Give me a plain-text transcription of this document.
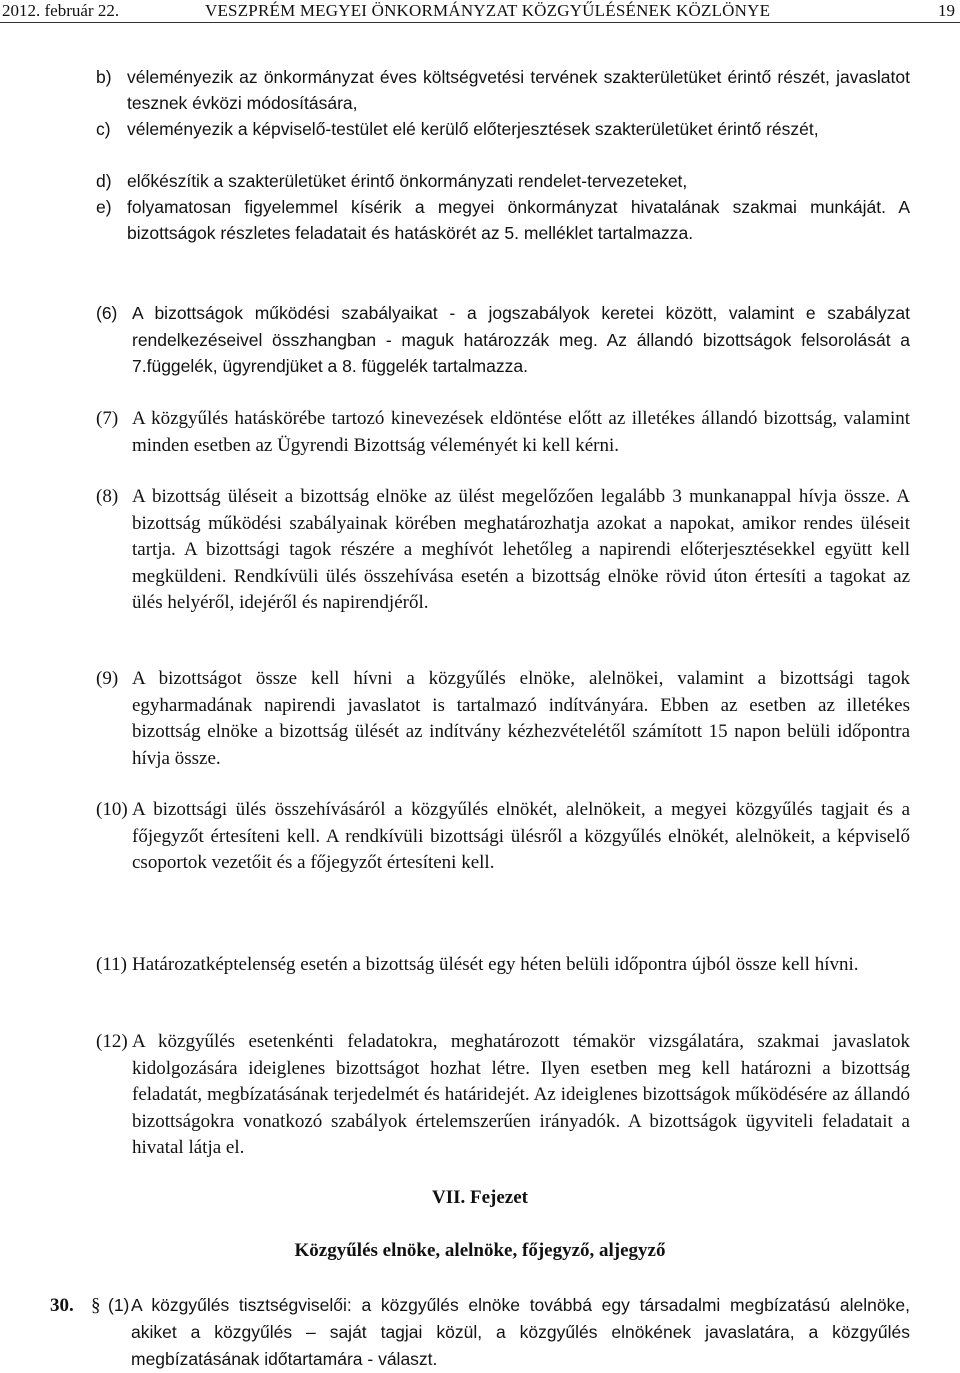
2012. február 22.	VESZPRÉM MEGYEI ÖNKORMÁNYZAT KÖZGYŰLÉSÉNEK KÖZLÖNYE	19
b) véleményezik az önkormányzat éves költségvetési tervének szakterületüket érintő részét, javaslatot tesznek évközi módosítására,
c) véleményezik a képviselő-testület elé kerülő előterjesztések szakterületüket érintő részét,
d) előkészítik a szakterületüket érintő önkormányzati rendelet-tervezeteket,
e) folyamatosan figyelemmel kísérik a megyei önkormányzat hivatalának szakmai munkáját. A bizottságok részletes feladatait és hatáskörét az 5. melléklet tartalmazza.
(6) A bizottságok működési szabályaikat - a jogszabályok keretei között, valamint e szabályzat rendelkezéseivel összhangban - maguk határozzák meg. Az állandó bizottságok felsorolását a 7.függelék, ügyrendjüket a 8. függelék tartalmazza.
(7) A közgyűlés hatáskörébe tartozó kinevezések eldöntése előtt az illetékes állandó bizottság, valamint minden esetben az Ügyrendi Bizottság véleményét ki kell kérni.
(8) A bizottság üléseit a bizottság elnöke az ülést megelőzően legalább 3 munkanappal hívja össze. A bizottság működési szabályainak körében meghatározhatja azokat a napokat, amikor rendes üléseit tartja. A bizottsági tagok részére a meghívót lehetőleg a napirendi előterjesztésekkel együtt kell megküldeni. Rendkívüli ülés összehívása esetén a bizottság elnöke rövid úton értesíti a tagokat az ülés helyéről, idejéről és napirendjéről.
(9) A bizottságot össze kell hívni a közgyűlés elnöke, alelnökei, valamint a bizottsági tagok egyharmadának napirendi javaslatot is tartalmazó indítványára. Ebben az esetben az illetékes bizottság elnöke a bizottság ülését az indítvány kézhezvételétől számított 15 napon belüli időpontra hívja össze.
(10) A bizottsági ülés összehívásáról a közgyűlés elnökét, alelnökeit, a megyei közgyűlés tagjait és a főjegyzőt értesíteni kell. A rendkívüli bizottsági ülésről a közgyűlés elnökét, alelnökeit, a képviselő csoportok vezetőit és a főjegyzőt értesíteni kell.
(11) Határozatképtelenség esetén a bizottság ülését egy héten belüli időpontra újból össze kell hívni.
(12) A közgyűlés esetenkénti feladatokra, meghatározott témakör vizsgálatára, szakmai javaslatok kidolgozására ideiglenes bizottságot hozhat létre. Ilyen esetben meg kell határozni a bizottság feladatát, megbízatásának terjedelmét és határidejét. Az ideiglenes bizottságok működésére az állandó bizottságokra vonatkozó szabályok értelemszerűen irányadók. A bizottságok ügyviteli feladatait a hivatal látja el.
VII. Fejezet
Közgyűlés elnöke, alelnöke, főjegyző, aljegyző
30. § (1) A közgyűlés tisztségviselői: a közgyűlés elnöke továbbá egy társadalmi megbízatású alelnöke, akiket a közgyűlés – saját tagjai közül, a közgyűlés elnökének javaslatára, a közgyűlés megbízatásának időtartamára - választ.
